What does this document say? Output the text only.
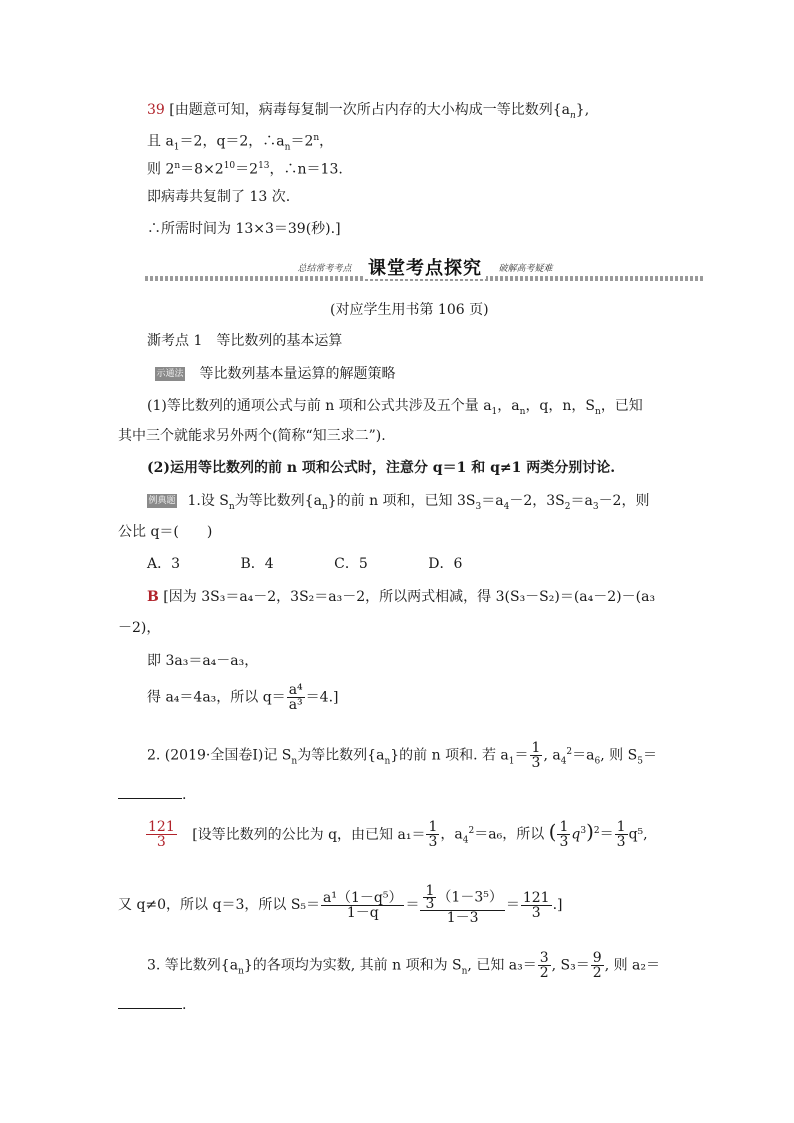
39 [由题意可知，病毒每复制一次所占内存的大小构成一等比数列$\{a_n\}$,
且 $a_1=2$，q＝2，$\therefore a_n=2^n$，
则 $2^n=8\times 2^{10}=2^{13}$，∴n＝13.
即病毒共复制了 13 次.
∴所需时间为 13×3＝39(秒).]
总结常考考点 课堂考点探究 破解高考疑难
(对应学生用书第 106 页)
澌考点 1　等比数列的基本运算
示通法 等比数列基本量运算的解题策略
(1)等比数列的通项公式与前 n 项和公式共涉及五个量 $a_1$，$a_n$，q，n，$S_n$，已知
其中三个就能求另外两个(简称“知三求二”).
(2)运用等比数列的前 n 项和公式时，注意分 q＝1 和 q≠1 两类分别讨论.
例典题 1.设 $S_n$为等比数列$\{a_n\}$的前 n 项和，已知 $3S_3=a_4-2$，$3S_2=a_3-2$，则
公比 q＝(　　)
A．3	B．4	C．5	D．6
B [因为 3S₃＝a₄－2，3S₂＝a₃－2，所以两式相减，得 3(S₃－S₂)＝(a₄－2)－(a₃
－2)，
即 3a₃＝a₄－a₃，
得 a₄＝4a₃，所以 $q= \frac{\text{a⁴}}{\text{a³}} =4$.]
2. (2019·全国卷Ⅰ)记 $S_n$为等比数列$\{a_n\}$的前 n 项和. 若 $a_1= \frac{1}{3}$ , $a_4^2=a_6$, 则 $S_5=$
.
$\frac{121}{3}$ [设等比数列的公比为 q，由已知 $a_1= \frac{1}{3}$ ，$a_4^2=a_6$，所以 ( $\frac{1}{3} q^3)^2= \frac{1}{3} q^5$,
又 q≠0，所以 q＝3，所以 $S_5= \frac{\text{a¹（1－q⁵）}}{1-q} = \frac{\frac{1}{3} (1-3^5)}{1-3} = \frac{121}{3}$ .]
3. 等比数列$\{a_n\}$的各项均为实数, 其前 n 项和为 $S_n$, 已知 $a_3= \frac{3}{2}$ , $S_3= \frac{9}{2}$ , 则 a₂＝
.
